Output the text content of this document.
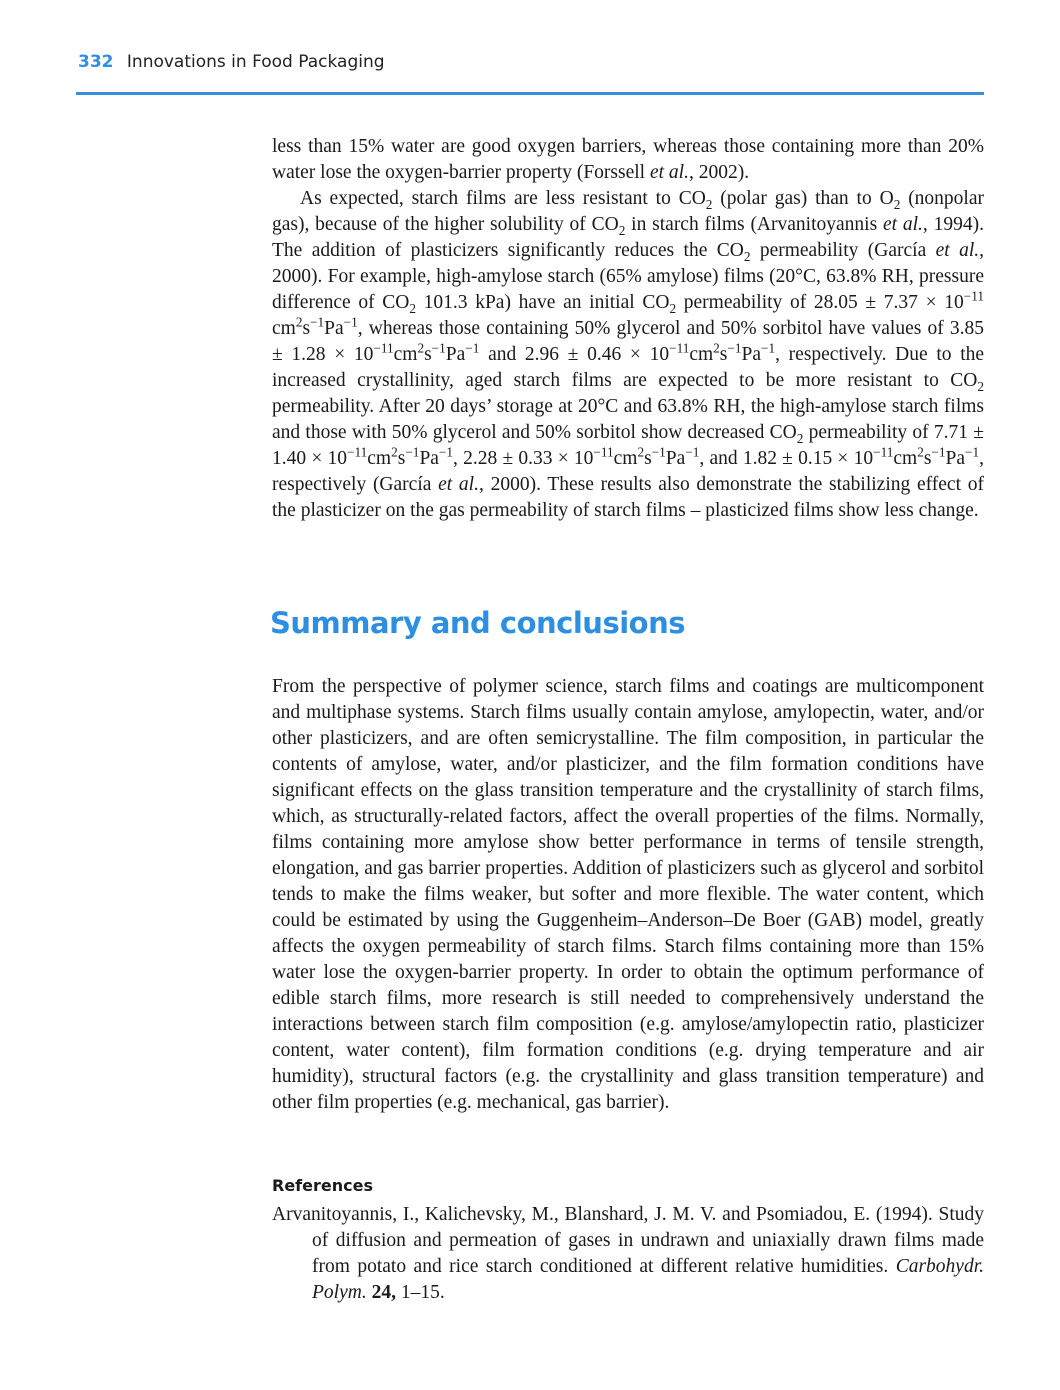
332 Innovations in Food Packaging

less than 15% water are good oxygen barriers, whereas those containing more than 20% water lose the oxygen-barrier property (Forssell et al., 2002).

As expected, starch films are less resistant to $CO_2$ (polar gas) than to $O_2$ (nonpolar gas), because of the higher solubility of $CO_2$ in starch films (Arvanitoyannis et al., 1994). The addition of plasticizers significantly reduces the $CO_2$ permeability (García et al., 2000). For example, high-amylose starch (65% amylose) films (20°C, 63.8% RH, pressure difference of $CO_2$ 101.3 kPa) have an initial $CO_2$ permeability of $28.05 \pm 7.37 \times 10^{-11}$ $cm^2s^{-1}Pa^{-1}$, whereas those containing 50% glycerol and 50% sorbitol have values of $3.85 \pm 1.28 \times 10^{-11}cm^2s^{-1}Pa^{-1}$ and $2.96 \pm 0.46 \times 10^{-11}cm^2s^{-1}Pa^{-1}$, respectively. Due to the increased crystallinity, aged starch films are expected to be more resistant to $CO_2$ permeability. After 20 days’ storage at 20°C and 63.8% RH, the high-amylose starch films and those with 50% glycerol and 50% sorbitol show decreased $CO_2$ permeability of $7.71 \pm 1.40 \times 10^{-11}cm^2s^{-1}Pa^{-1}$, $2.28 \pm 0.33 \times 10^{-11}cm^2s^{-1}Pa^{-1}$, and $1.82 \pm 0.15 \times 10^{-11}cm^2s^{-1}Pa^{-1}$, respectively (García et al., 2000). These results also demonstrate the stabilizing effect of the plasticizer on the gas permeability of starch films – plasticized films show less change.

Summary and conclusions

From the perspective of polymer science, starch films and coatings are multicomponent and multiphase systems. Starch films usually contain amylose, amylopectin, water, and/or other plasticizers, and are often semicrystalline. The film composition, in particular the contents of amylose, water, and/or plasticizer, and the film formation conditions have significant effects on the glass transition temperature and the crystallinity of starch films, which, as structurally-related factors, affect the overall properties of the films. Normally, films containing more amylose show better performance in terms of tensile strength, elongation, and gas barrier properties. Addition of plasticizers such as glycerol and sorbitol tends to make the films weaker, but softer and more flexible. The water content, which could be estimated by using the Guggenheim–Anderson–De Boer (GAB) model, greatly affects the oxygen permeability of starch films. Starch films containing more than 15% water lose the oxygen-barrier property. In order to obtain the optimum performance of edible starch films, more research is still needed to comprehensively understand the interactions between starch film composition (e.g. amylose/amylopectin ratio, plasticizer content, water content), film formation conditions (e.g. drying temperature and air humidity), structural factors (e.g. the crystallinity and glass transition temperature) and other film properties (e.g. mechanical, gas barrier).

References
Arvanitoyannis, I., Kalichevsky, M., Blanshard, J. M. V. and Psomiadou, E. (1994). Study of diffusion and permeation of gases in undrawn and uniaxially drawn films made from potato and rice starch conditioned at different relative humidities. Carbohydr. Polym. 24, 1–15.
